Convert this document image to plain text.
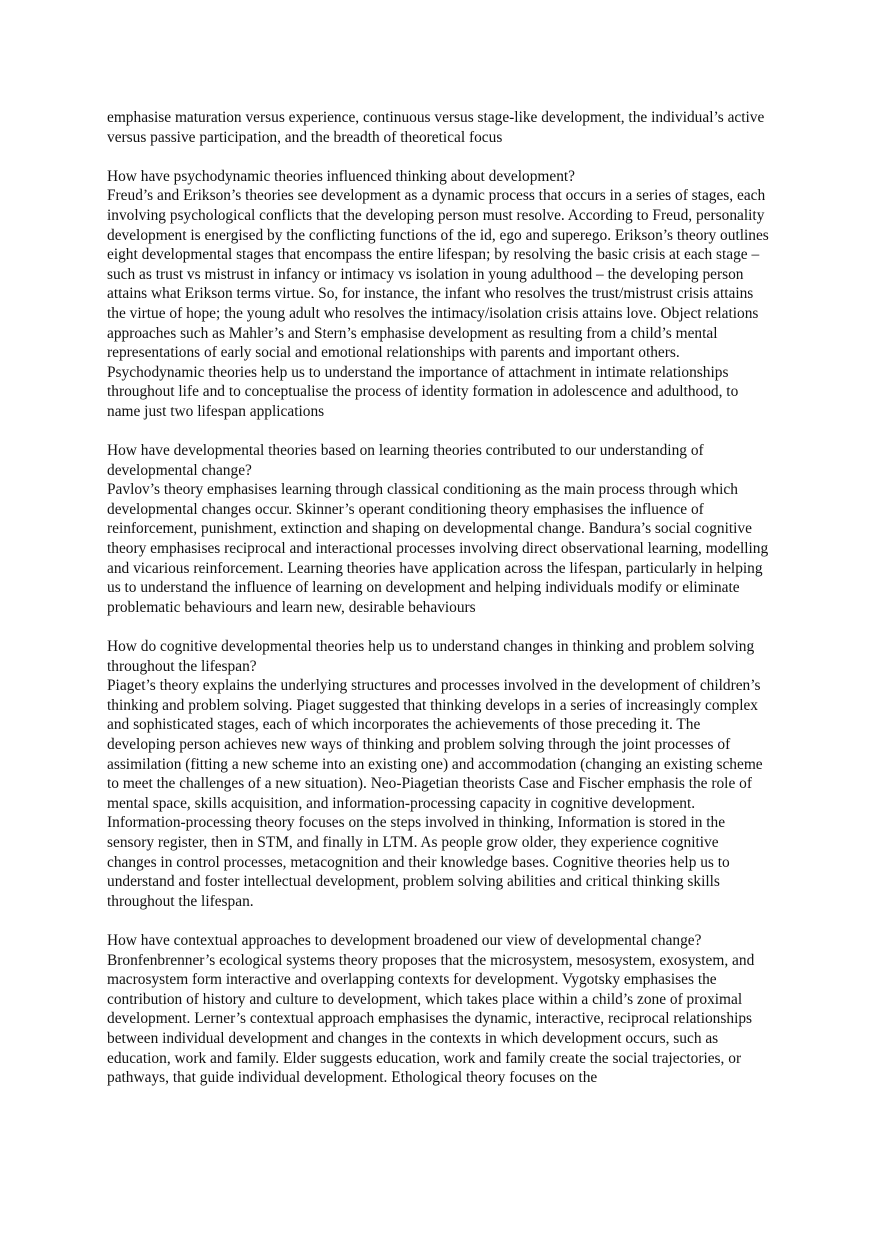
emphasise maturation versus experience, continuous versus stage-like development, the individual’s active versus passive participation, and the breadth of theoretical focus

How have psychodynamic theories influenced thinking about development?
Freud’s and Erikson’s theories see development as a dynamic process that occurs in a series of stages, each involving psychological conflicts that the developing person must resolve. According to Freud, personality development is energised by the conflicting functions of the id, ego and superego. Erikson’s theory outlines eight developmental stages that encompass the entire lifespan; by resolving the basic crisis at each stage – such as trust vs mistrust in infancy or intimacy vs isolation in young adulthood – the developing person attains what Erikson terms virtue. So, for instance, the infant who resolves the trust/mistrust crisis attains the virtue of hope; the young adult who resolves the intimacy/isolation crisis attains love. Object relations approaches such as Mahler’s and Stern’s emphasise development as resulting from a child’s mental representations of early social and emotional relationships with parents and important others. Psychodynamic theories help us to understand the importance of attachment in intimate relationships throughout life and to conceptualise the process of identity formation in adolescence and adulthood, to name just two lifespan applications

How have developmental theories based on learning theories contributed to our understanding of developmental change?
Pavlov’s theory emphasises learning through classical conditioning as the main process through which developmental changes occur. Skinner’s operant conditioning theory emphasises the influence of reinforcement, punishment, extinction and shaping on developmental change. Bandura’s social cognitive theory emphasises reciprocal and interactional processes involving direct observational learning, modelling and vicarious reinforcement. Learning theories have application across the lifespan, particularly in helping us to understand the influence of learning on development and helping individuals modify or eliminate problematic behaviours and learn new, desirable behaviours

How do cognitive developmental theories help us to understand changes in thinking and problem solving throughout the lifespan?
Piaget’s theory explains the underlying structures and processes involved in the development of children’s thinking and problem solving. Piaget suggested that thinking develops in a series of increasingly complex and sophisticated stages, each of which incorporates the achievements of those preceding it. The developing person achieves new ways of thinking and problem solving through the joint processes of assimilation (fitting a new scheme into an existing one) and accommodation (changing an existing scheme to meet the challenges of a new situation). Neo-Piagetian theorists Case and Fischer emphasis the role of mental space, skills acquisition, and information-processing capacity in cognitive development. Information-processing theory focuses on the steps involved in thinking, Information is stored in the sensory register, then in STM, and finally in LTM. As people grow older, they experience cognitive changes in control processes, metacognition and their knowledge bases. Cognitive theories help us to understand and foster intellectual development, problem solving abilities and critical thinking skills throughout the lifespan.

How have contextual approaches to development broadened our view of developmental change?
Bronfenbrenner’s ecological systems theory proposes that the microsystem, mesosystem, exosystem, and macrosystem form interactive and overlapping contexts for development. Vygotsky emphasises the contribution of history and culture to development, which takes place within a child’s zone of proximal development. Lerner’s contextual approach emphasises the dynamic, interactive, reciprocal relationships between individual development and changes in the contexts in which development occurs, such as education, work and family. Elder suggests education, work and family create the social trajectories, or pathways, that guide individual development. Ethological theory focuses on the
